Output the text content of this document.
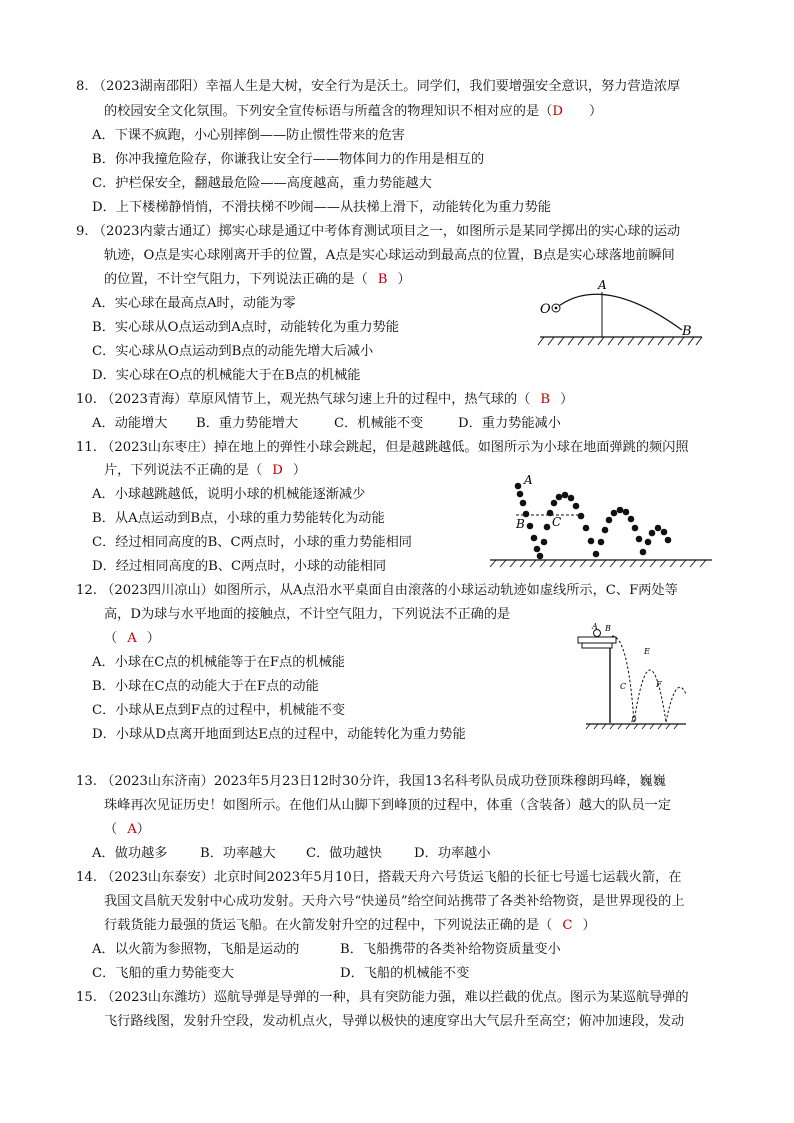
8. （2023湖南邵阳）幸福人生是大树，安全行为是沃土。同学们，我们要增强安全意识，努力营造浓厚
的校园安全文化氛围。下列安全宣传标语与所蕴含的物理知识不相对应的是（D ）
A．下课不疯跑，小心别摔倒——防止惯性带来的危害
B．你冲我撞危险存，你谦我让安全行——物体间力的作用是相互的
C．护栏保安全，翻越最危险——高度越高，重力势能越大
D．上下楼梯静悄悄，不滑扶梯不吵闹——从扶梯上滑下，动能转化为重力势能
9. （2023内蒙古通辽）掷实心球是通辽中考体育测试项目之一，如图所示是某同学掷出的实心球的运动
轨迹，O点是实心球刚离开手的位置，A点是实心球运动到最高点的位置，B点是实心球落地前瞬间
的位置，不计空气阻力，下列说法正确的是（ B ）
A．实心球在最高点A时，动能为零
B．实心球从O点运动到A点时，动能转化为重力势能
C．实心球从O点运动到B点的动能先增大后减小
D．实心球在O点的机械能大于在B点的机械能
O
A
B
10. （2023青海）草原风情节上，观光热气球匀速上升的过程中，热气球的（ B ）
A．动能增大 B．重力势能增大	C．机械能不变	D．重力势能减小
11. （2023山东枣庄）掉在地上的弹性小球会跳起，但是越跳越低。如图所示为小球在地面弹跳的频闪照
片，下列说法不正确的是（ D ）
A．小球越跳越低，说明小球的机械能逐渐减少
B．从A点运动到B点，小球的重力势能转化为动能
C．经过相同高度的B、C两点时，小球的重力势能相同
D．经过相同高度的B、C两点时，小球的动能相同
A
B C
12. （2023四川凉山）如图所示，从A点沿水平桌面自由滚落的小球运动轨迹如虚线所示，C、F两处等
高，D为球与水平地面的接触点，不计空气阻力，下列说法不正确的是
（ A ）
A．小球在C点的机械能等于在F点的机械能
B．小球在C点的动能大于在F点的动能
C．小球从E点到F点的过程中，机械能不变
D．小球从D点离开地面到达E点的过程中，动能转化为重力势能
A B
C
D
E
F
13. （2023山东济南）2023年5月23日12时30分许，我国13名科考队员成功登顶珠穆朗玛峰，巍巍
珠峰再次见证历史！如图所示。在他们从山脚下到峰顶的过程中，体重（含装备）越大的队员一定
（ A）
A．做功越多 B．功率越大 C．做功越快 D．功率越小
14. （2023山东泰安）北京时间2023年5月10日，搭载天舟六号货运飞船的长征七号遥七运载火箭，在
我国文昌航天发射中心成功发射。天舟六号“快递员”给空间站携带了各类补给物资，是世界现役的上
行载货能力最强的货运飞船。在火箭发射升空的过程中，下列说法正确的是（ C ）
A．以火箭为参照物，飞船是运动的	B．飞船携带的各类补给物资质量变小
C．飞船的重力势能变大	D．飞船的机械能不变
15. （2023山东潍坊）巡航导弹是导弹的一种，具有突防能力强，难以拦截的优点。图示为某巡航导弹的
飞行路线图，发射升空段，发动机点火，导弹以极快的速度穿出大气层升至高空；俯冲加速段，发动
